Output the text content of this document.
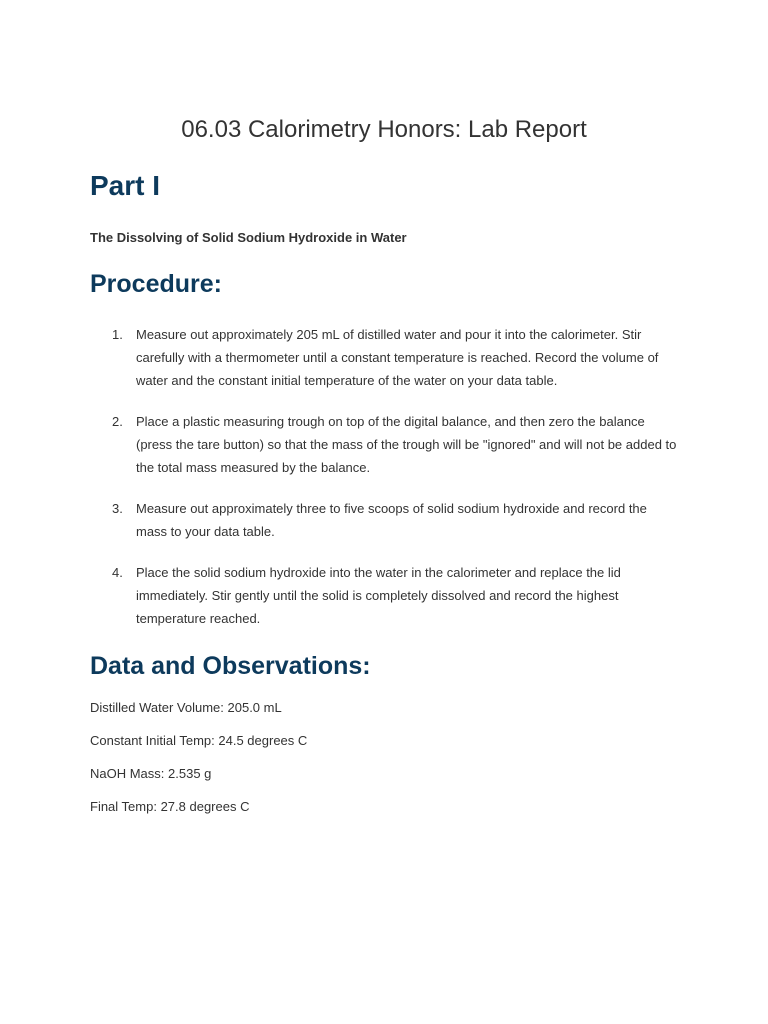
06.03 Calorimetry Honors: Lab Report
Part I

The Dissolving of Solid Sodium Hydroxide in Water

Procedure:
1. Measure out approximately 205 mL of distilled water and pour it into the calorimeter. Stir carefully with a thermometer until a constant temperature is reached. Record the volume of water and the constant initial temperature of the water on your data table.
2. Place a plastic measuring trough on top of the digital balance, and then zero the balance (press the tare button) so that the mass of the trough will be "ignored" and will not be added to the total mass measured by the balance.
3. Measure out approximately three to five scoops of solid sodium hydroxide and record the mass to your data table.
4. Place the solid sodium hydroxide into the water in the calorimeter and replace the lid immediately. Stir gently until the solid is completely dissolved and record the highest temperature reached.
Data and Observations:

Distilled Water Volume: 205.0 mL

Constant Initial Temp: 24.5 degrees C

NaOH Mass: 2.535 g

Final Temp: 27.8 degrees C
